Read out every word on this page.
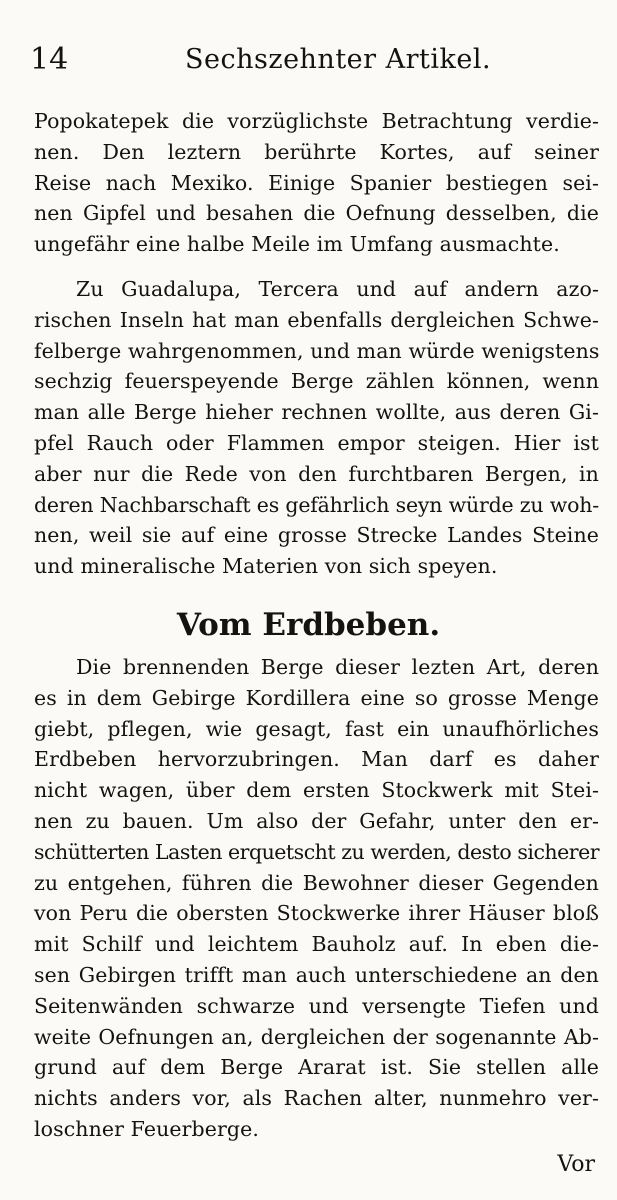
14	Sechszehnter Artikel.
Popokatepek die vorzüglichste Betrachtung verdie-
nen. Den leztern berührte Kortes, auf seiner
Reise nach Mexiko. Einige Spanier bestiegen sei-
nen Gipfel und besahen die Oefnung desselben, die
ungefähr eine halbe Meile im Umfang ausmachte.
Zu Guadalupa, Tercera und auf andern azo-
rischen Inseln hat man ebenfalls dergleichen Schwe-
felberge wahrgenommen, und man würde wenigstens
sechzig feuerspeyende Berge zählen können, wenn
man alle Berge hieher rechnen wollte, aus deren Gi-
pfel Rauch oder Flammen empor steigen. Hier ist
aber nur die Rede von den furchtbaren Bergen, in
deren Nachbarschaft es gefährlich seyn würde zu woh-
nen, weil sie auf eine grosse Strecke Landes Steine
und mineralische Materien von sich speyen.
Vom Erdbeben.
Die brennenden Berge dieser lezten Art, deren
es in dem Gebirge Kordillera eine so grosse Menge
giebt, pflegen, wie gesagt, fast ein unaufhörliches
Erdbeben hervorzubringen. Man darf es daher
nicht wagen, über dem ersten Stockwerk mit Stei-
nen zu bauen. Um also der Gefahr, unter den er-
schütterten Lasten erquetscht zu werden, desto sicherer
zu entgehen, führen die Bewohner dieser Gegenden
von Peru die obersten Stockwerke ihrer Häuser bloß
mit Schilf und leichtem Bauholz auf. In eben die-
sen Gebirgen trifft man auch unterschiedene an den
Seitenwänden schwarze und versengte Tiefen und
weite Oefnungen an, dergleichen der sogenannte Ab-
grund auf dem Berge Ararat ist. Sie stellen alle
nichts anders vor, als Rachen alter, nunmehro ver-
loschner Feuerberge.
Vor
